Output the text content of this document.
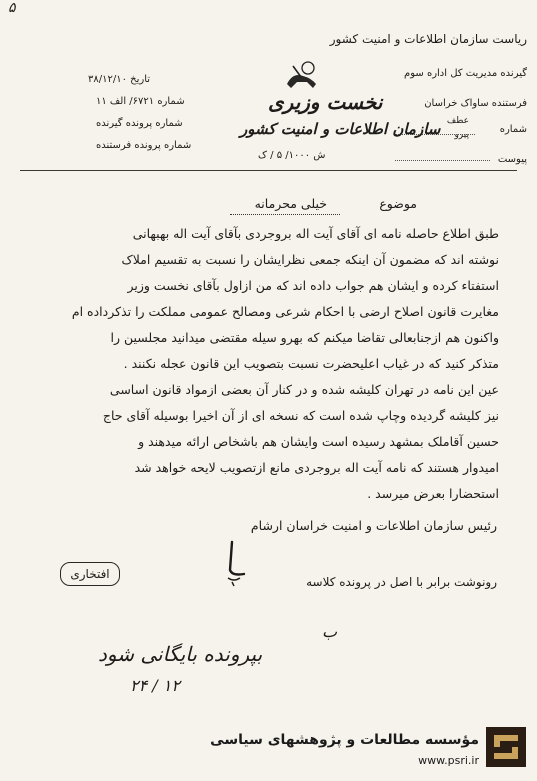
۵
ریاست سازمان اطلاعات و امنیت کشور
گیرنده مدیریت کل اداره سوم
فرستنده ساواک خراسان
شماره
عطف
پیرو
پیوست
نخست وزیری
سازمان اطلاعات و امنیت کشور
ش ۱۰۰۰/ ۵ / ک
تاریخ ۳۸/۱۲/۱۰
شماره ۶۷۲۱/ الف ۱۱
شماره پرونده گیرنده
شماره پرونده فرستنده
موضوع
خیلی محرمانه
طبق اطلاع حاصله نامه ای آقای آیت اله بروجردی بآقای آیت اله بهبهانی
نوشته اند که مضمون آن اینکه جمعی نظرایشان را نسبت به تقسیم املاک
استفتاء کرده و ایشان هم جواب داده اند که من ازاول بآقای نخست وزیر
مغایرت قانون اصلاح ارضی با احکام شرعی ومصالح عمومی مملکت را تذکرداده ام
واکنون هم ازجنابعالی تقاضا میکنم که بهرو سیله مقتضی میدانید مجلسین را
متذکر کنید که در غیاب اعلیحضرت نسبت بتصویب این قانون عجله نکنند .
عین این نامه در تهران کلیشه شده و در کنار آن بعضی ازمواد قانون اساسی
نیز کلیشه گردیده وچاپ شده است که نسخه ای از آن اخیرا بوسیله آقای حاج
حسین آقاملک بمشهد رسیده است وایشان هم باشخاص ارائه میدهند و
امیدوار هستند که نامه آیت اله بروجردی مانع ازتصویب لایحه خواهد شد
استحضارا بعرض میرسد .
رئیس سازمان اطلاعات و امنیت خراسان ارشام
افتخاری
رونوشت برابر با اصل در پرونده کلاسه
بپرونده بایگانی شود
۲۴ / ۱۲
ب
مؤسسه مطالعات و پژوهشهای سیاسی
www.psri.ir
